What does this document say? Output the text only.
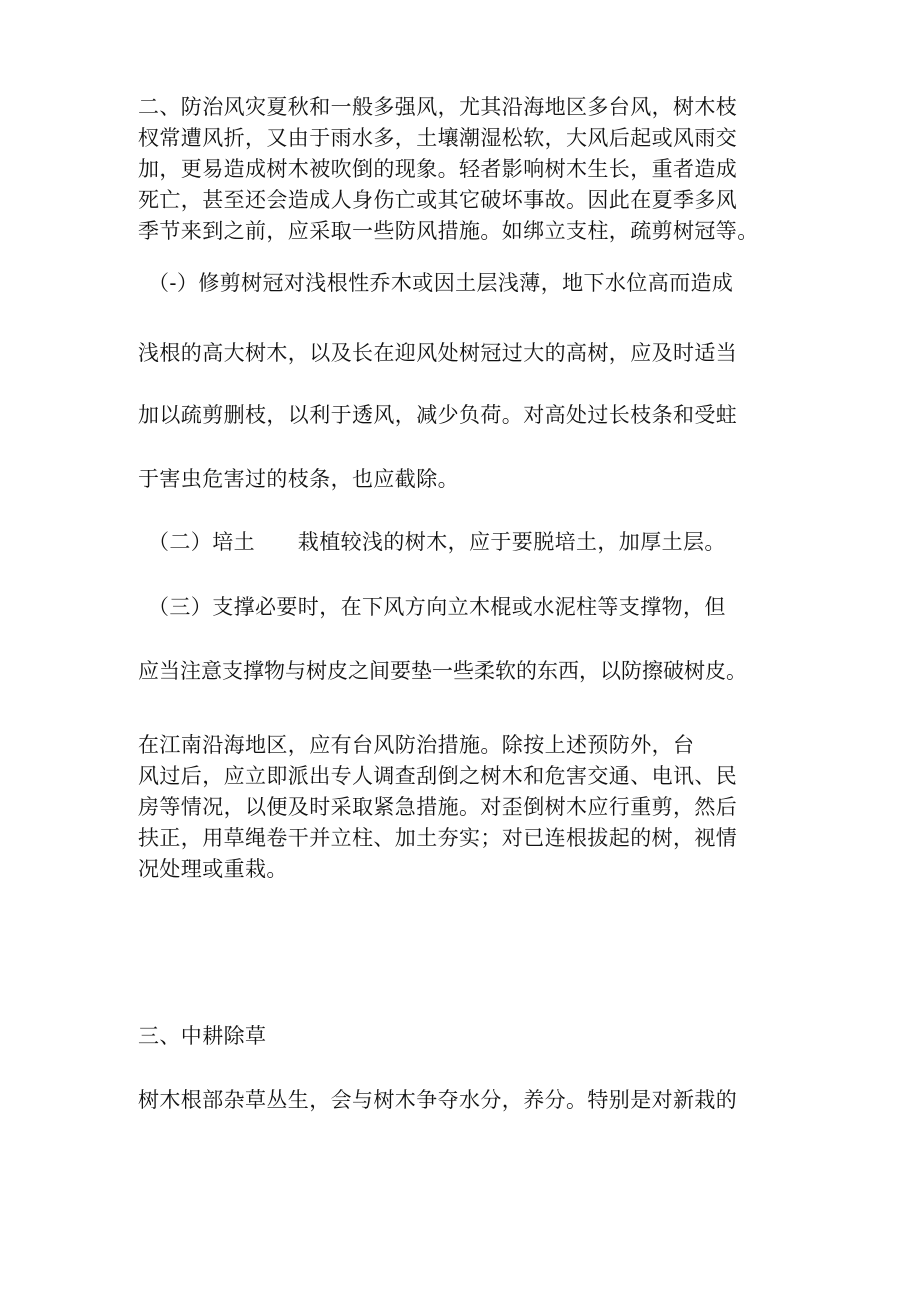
二、防治风灾夏秋和一般多强风，尤其沿海地区多台风，树木枝
杈常遭风折，又由于雨水多，土壤潮湿松软，大风后起或风雨交
加，更易造成树木被吹倒的现象。轻者影响树木生长，重者造成
死亡，甚至还会造成人身伤亡或其它破坏事故。因此在夏季多风
季节来到之前，应采取一些防风措施。如绑立支柱，疏剪树冠等。
（-）修剪树冠对浅根性乔木或因土层浅薄，地下水位高而造成
浅根的高大树木，以及长在迎风处树冠过大的高树，应及时适当
加以疏剪删枝，以利于透风，减少负荷。对高处过长枝条和受蛀
于害虫危害过的枝条，也应截除。
（二）培土　　栽植较浅的树木，应于要脱培土，加厚土层。
（三）支撑必要时，在下风方向立木棍或水泥柱等支撑物，但
应当注意支撑物与树皮之间要垫一些柔软的东西，以防擦破树皮。
在江南沿海地区，应有台风防治措施。除按上述预防外，台
风过后，应立即派出专人调查刮倒之树木和危害交通、电讯、民
房等情况，以便及时采取紧急措施。对歪倒树木应行重剪，然后
扶正，用草绳卷干并立柱、加土夯实；对已连根拔起的树，视情
况处理或重栽。
三、中耕除草
树木根部杂草丛生，会与树木争夺水分，养分。特别是对新栽的
